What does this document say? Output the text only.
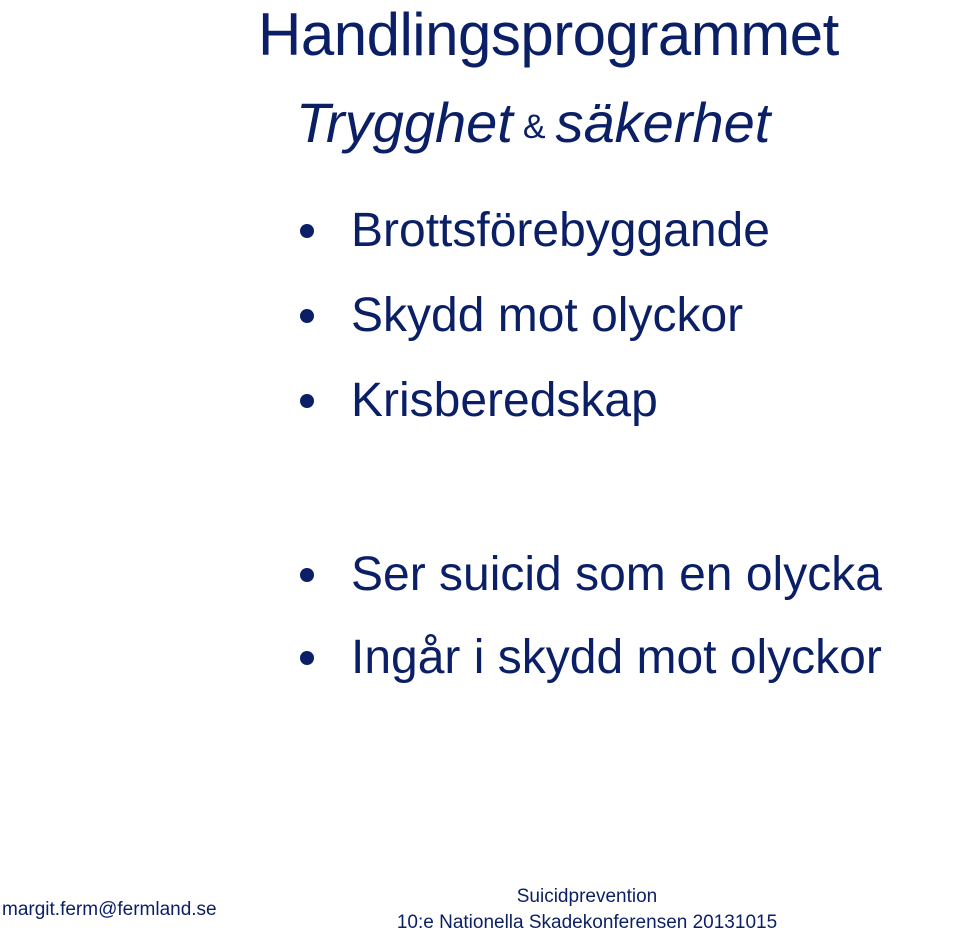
Handlingsprogrammet
Trygghet & säkerhet
Brottsförebyggande
Skydd mot olyckor
Krisberedskap
Ser suicid som en olycka
Ingår i skydd mot olyckor
margit.ferm@fermland.se
Suicidprevention
10:e Nationella Skadekonferensen 20131015
